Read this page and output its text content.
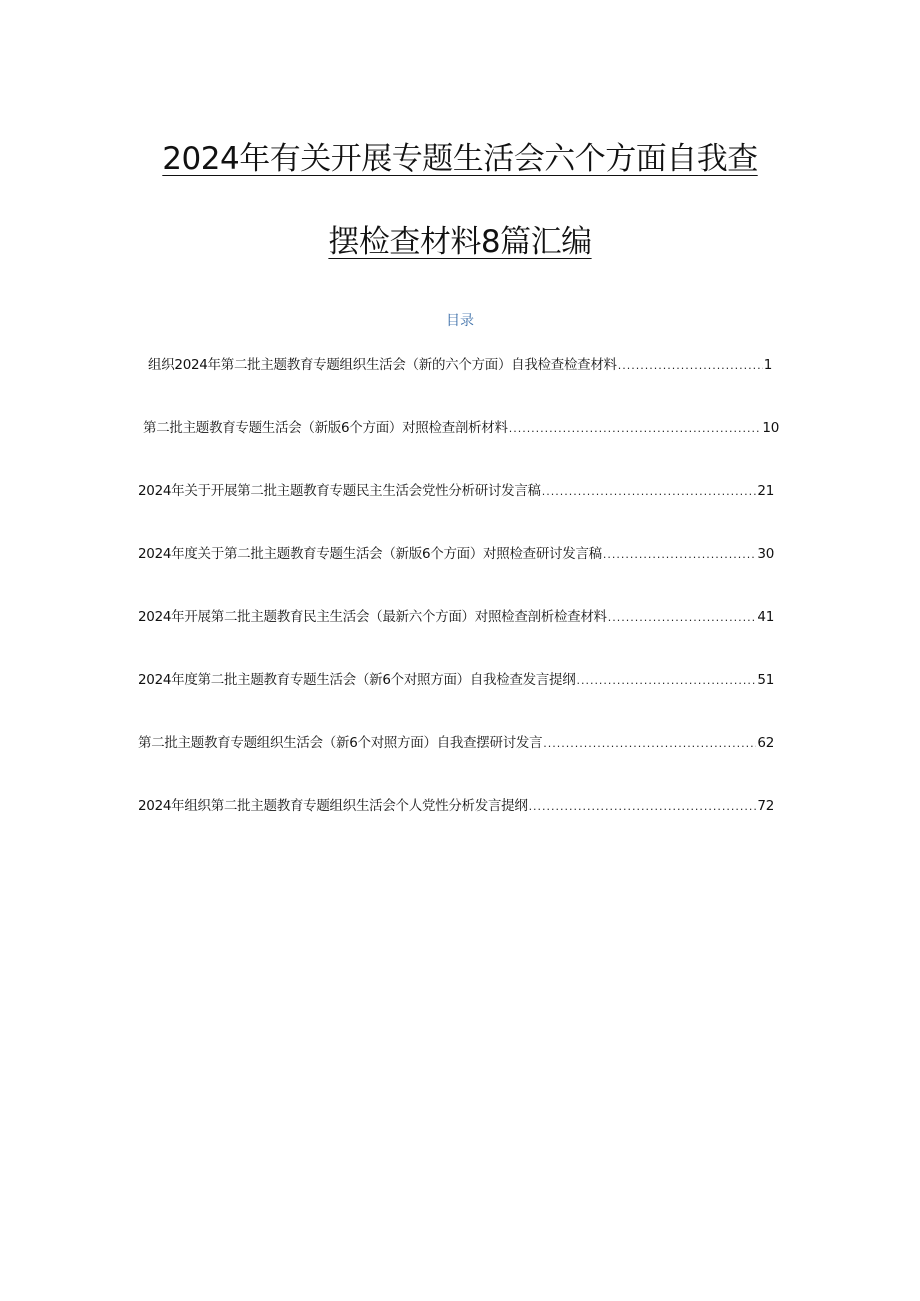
2024年有关开展专题生活会六个方面自我查
摆检查材料8篇汇编
目录
组织2024年第二批主题教育专题组织生活会（新的六个方面）自我检查检查材料 .....	1
第二批主题教育专题生活会（新版6个方面）对照检查剖析材料 .....	10
2024年关于开展第二批主题教育专题民主生活会党性分析研讨发言稿 .....	21
2024年度关于第二批主题教育专题生活会（新版6个方面）对照检查研讨发言稿 .....	30
2024年开展第二批主题教育民主生活会（最新六个方面）对照检查剖析检查材料 .....	41
2024年度第二批主题教育专题生活会（新6个对照方面）自我检查发言提纲 .....	51
第二批主题教育专题组织生活会（新6个对照方面）自我查摆研讨发言 .....	62
2024年组织第二批主题教育专题组织生活会个人党性分析发言提纲 .....	72
